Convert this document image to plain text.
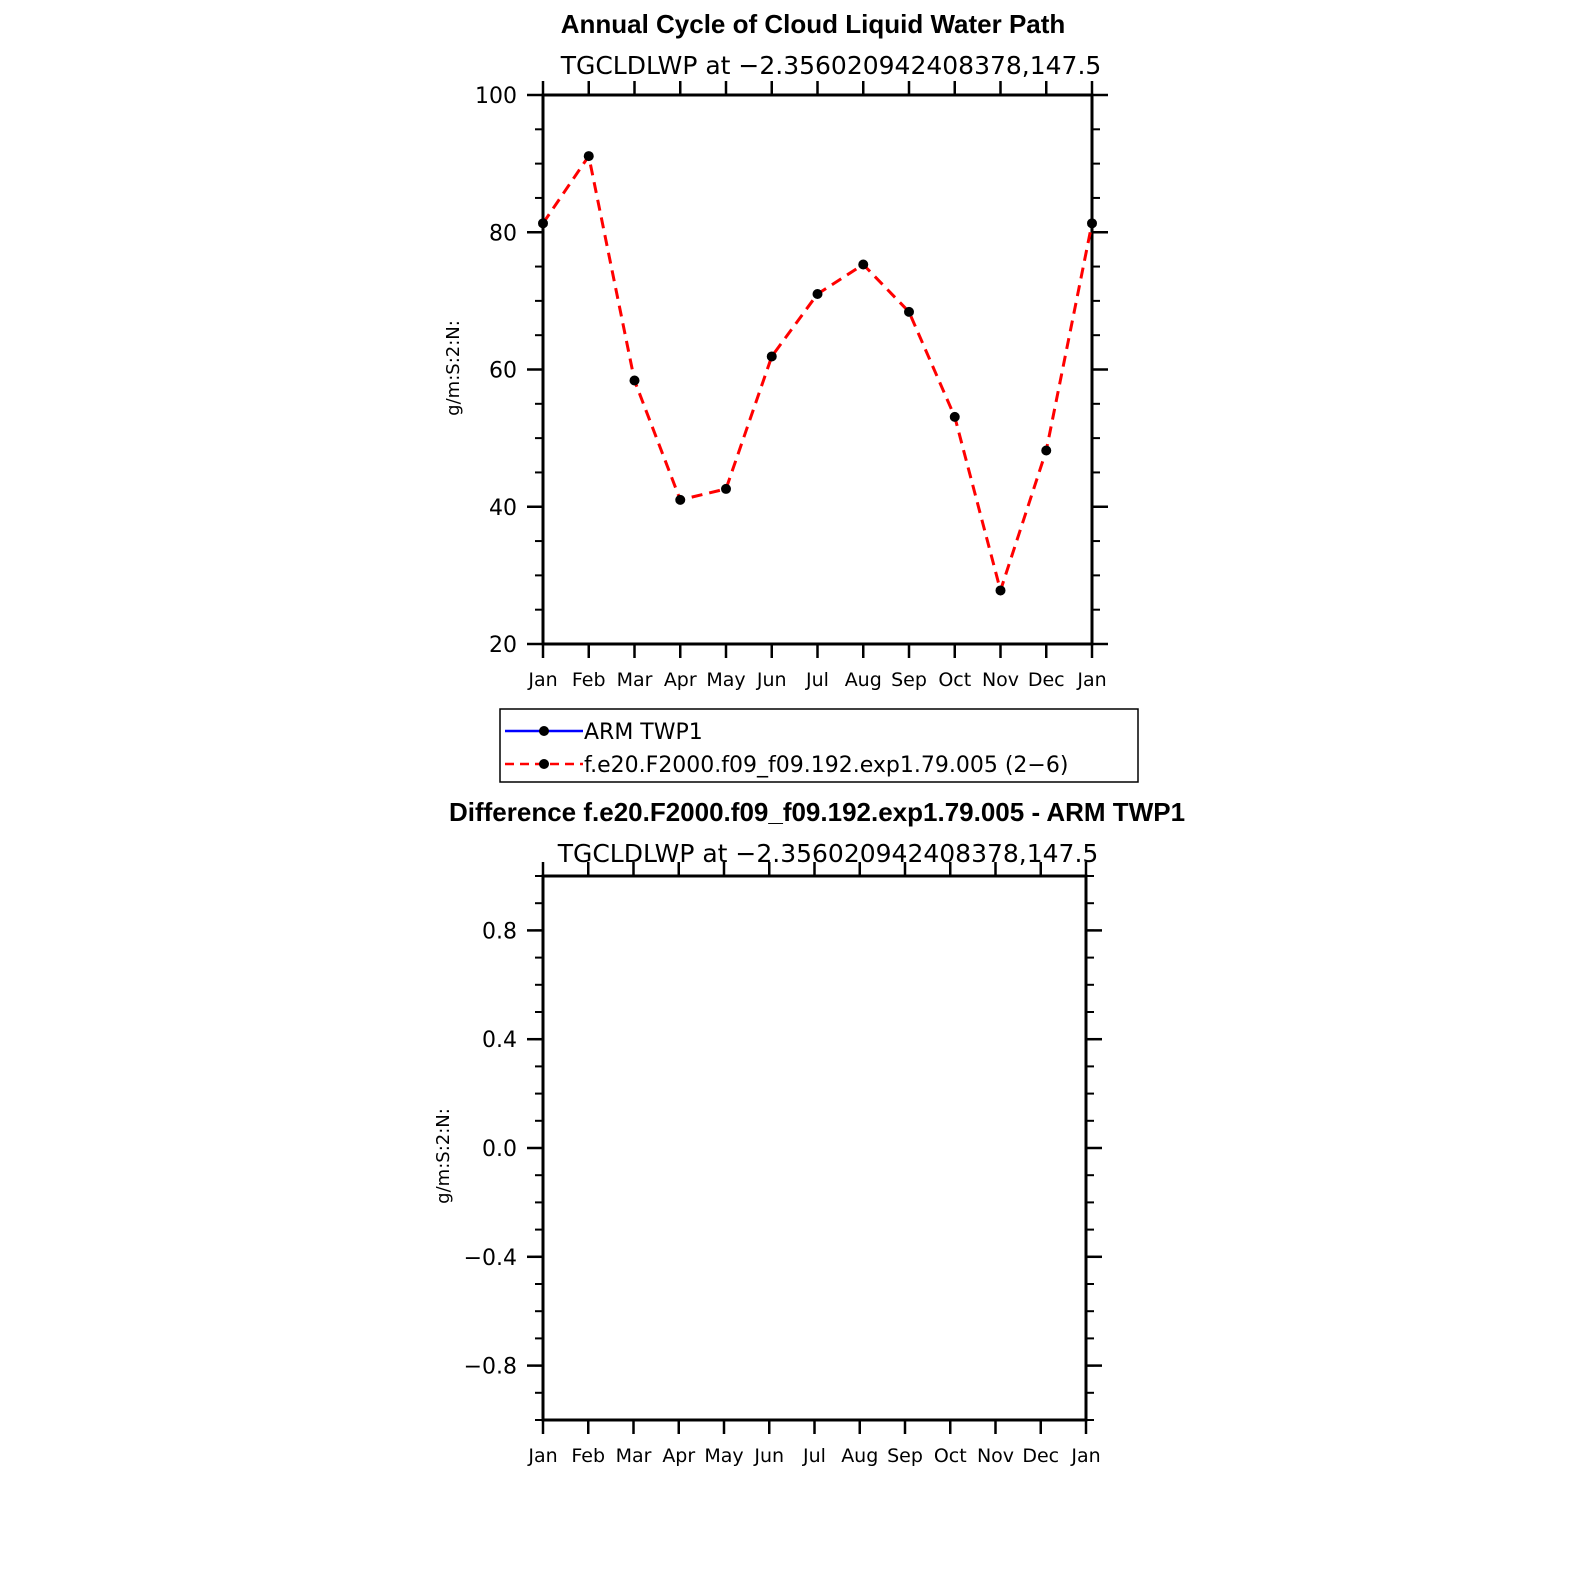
Annual Cycle of Cloud Liquid Water Path
TGCLDLWP at −2.356020942408378,147.5
g/m:S:2:N:
Jan Feb Mar Apr May Jun Jul Aug Sep Oct Nov Dec Jan
20
40
60
80
100
ARM TWP1
f.e20.F2000.f09_f09.192.exp1.79.005 (2−6)
Difference f.e20.F2000.f09_f09.192.exp1.79.005 - ARM TWP1
TGCLDLWP at −2.356020942408378,147.5
g/m:S:2:N:
Jan Feb Mar Apr May Jun Jul Aug Sep Oct Nov Dec Jan
−0.8
−0.4
0.0
0.4
0.8
